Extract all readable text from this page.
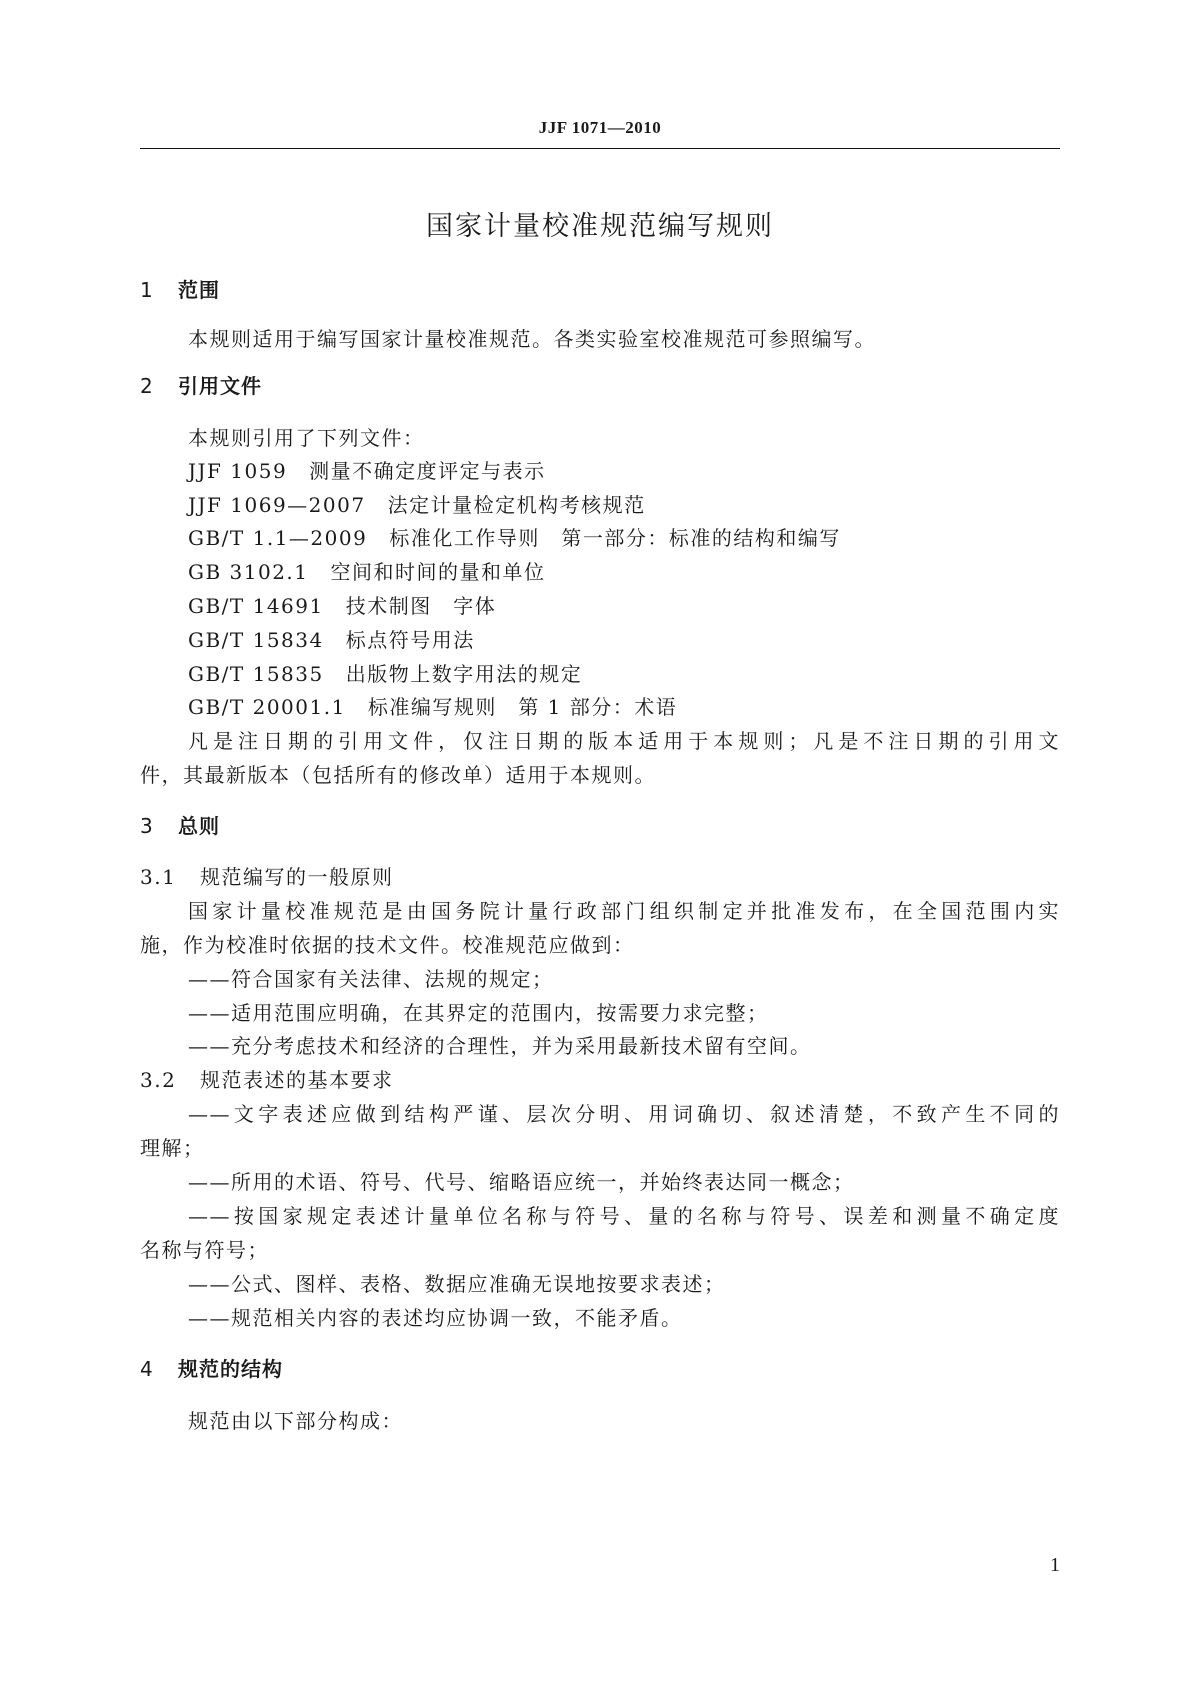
JJF 1071—2010
国家计量校准规范编写规则
1 范围
本规则适用于编写国家计量校准规范。各类实验室校准规范可参照编写。
2 引用文件
本规则引用了下列文件：
JJF 1059 测量不确定度评定与表示
JJF 1069—2007 法定计量检定机构考核规范
GB/T 1.1—2009 标准化工作导则　第一部分：标准的结构和编写
GB 3102.1 空间和时间的量和单位
GB/T 14691 技术制图　字体
GB/T 15834 标点符号用法
GB/T 15835 出版物上数字用法的规定
GB/T 20001.1 标准编写规则　第 1 部分：术语
凡是注日期的引用文件，仅注日期的版本适用于本规则；凡是不注日期的引用文
件，其最新版本（包括所有的修改单）适用于本规则。
3 总则
3.1 规范编写的一般原则
国家计量校准规范是由国务院计量行政部门组织制定并批准发布，在全国范围内实
施，作为校准时依据的技术文件。校准规范应做到：
——符合国家有关法律、法规的规定；
——适用范围应明确，在其界定的范围内，按需要力求完整；
——充分考虑技术和经济的合理性，并为采用最新技术留有空间。
3.2 规范表述的基本要求
——文字表述应做到结构严谨、层次分明、用词确切、叙述清楚，不致产生不同的
理解；
——所用的术语、符号、代号、缩略语应统一，并始终表达同一概念；
——按国家规定表述计量单位名称与符号、量的名称与符号、误差和测量不确定度
名称与符号；
——公式、图样、表格、数据应准确无误地按要求表述；
——规范相关内容的表述均应协调一致，不能矛盾。
4 规范的结构
规范由以下部分构成：
1
